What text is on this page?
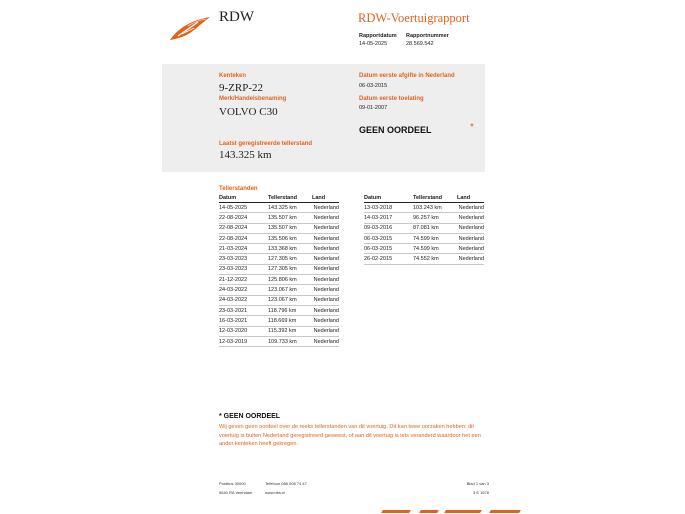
RDW	RDW-Voertuigrapport
Rapportdatum
14-05-2025
Rapportnummer
28.569.542
Kenteken
9-ZRP-22
Merk/Handelsbenaming
VOLVO C30
Datum eerste afgifte in Nederland
06-03-2015
Datum eerste toelating
09-01-2007
GEEN OORDEEL	*
Laatst geregistreerde tellerstand
143.325 km
Tellerstanden
Datum	Tellerstand	Land
14-05-2025	143.325 km	Nederland
22-08-2024	135.507 km	Nederland
22-08-2024	135.507 km	Nederland
22-08-2024	135.506 km	Nederland
21-03-2024	133.368 km	Nederland
23-03-2023	127.305 km	Nederland
23-03-2023	127.305 km	Nederland
21-12-2022	125.806 km	Nederland
24-03-2022	123.067 km	Nederland
24-03-2022	123.067 km	Nederland
23-03-2021	118.796 km	Nederland
16-03-2021	118.669 km	Nederland
12-03-2020	115.392 km	Nederland
12-03-2019	109.733 km	Nederland
Datum	Tellerstand	Land
13-03-2018	103.243 km	Nederland
14-03-2017	96.257 km	Nederland
09-03-2016	87.081 km	Nederland
06-03-2015	74.599 km	Nederland
06-03-2015	74.599 km	Nederland
26-02-2015	74.552 km	Nederland
* GEEN OORDEEL
Wij geven geen oordeel over de reeks tellerstanden van dit voertuig. Dit kan twee oorzaken hebben: dit voertuig is buiten Nederland geregistreerd geweest, of aan dit voertuig is iets veranderd waardoor het een ander kenteken heeft gekregen.
Postbus 30000
9640 RA Veendam
Telefoon 088 008 74 47
www.rdw.nl
Blad 1 van 3
3 E 1678
